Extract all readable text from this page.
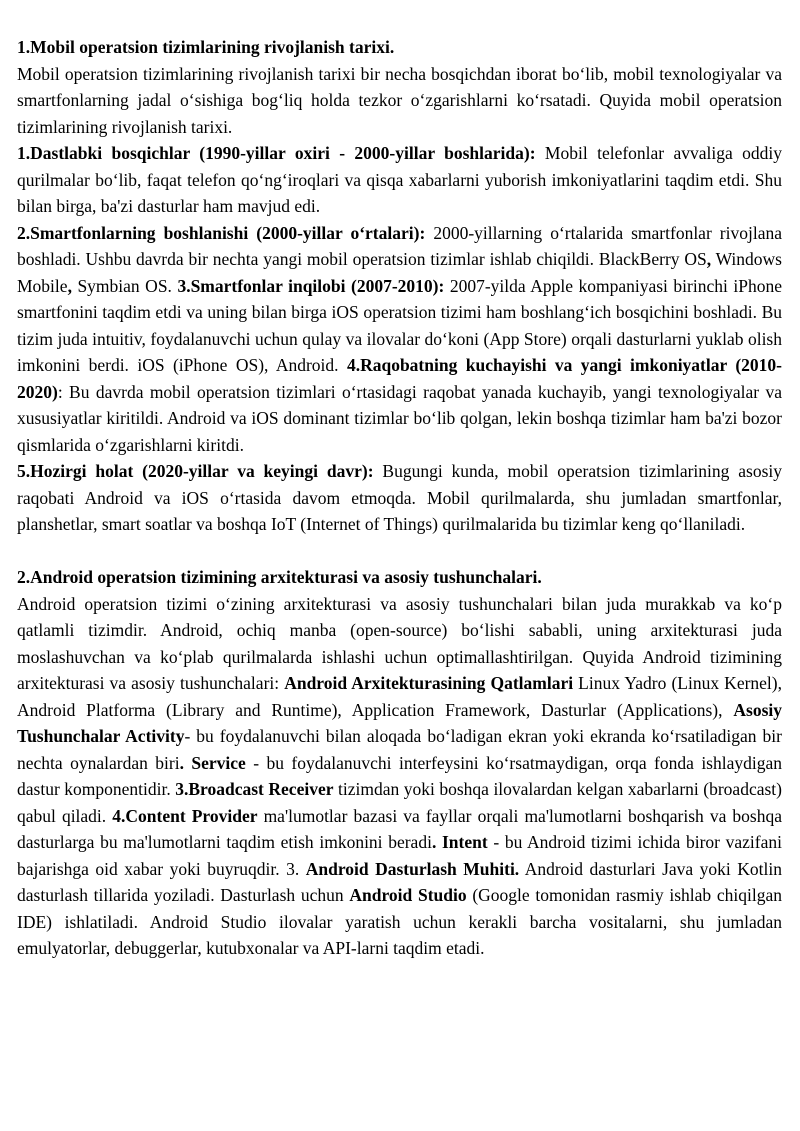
1.Mobil operatsion tizimlarining rivojlanish tarixi.

Mobil operatsion tizimlarining rivojlanish tarixi bir necha bosqichdan iborat bo‘lib, mobil texnologiyalar va smartfonlarning jadal o‘sishiga bog‘liq holda tezkor o‘zgarishlarni ko‘rsatadi. Quyida mobil operatsion tizimlarining rivojlanish tarixi.

1.Dastlabki bosqichlar (1990-yillar oxiri - 2000-yillar boshlarida): Mobil telefonlar avvaliga oddiy qurilmalar bo‘lib, faqat telefon qo‘ng‘iroqlari va qisqa xabarlarni yuborish imkoniyatlarini taqdim etdi. Shu bilan birga, ba'zi dasturlar ham mavjud edi.

2.Smartfonlarning boshlanishi (2000-yillar o‘rtalari): 2000-yillarning o‘rtalarida smartfonlar rivojlana boshladi. Ushbu davrda bir nechta yangi mobil operatsion tizimlar ishlab chiqildi. BlackBerry OS, Windows Mobile, Symbian OS. 3.Smartfonlar inqilobi (2007-2010): 2007-yilda Apple kompaniyasi birinchi iPhone smartfonini taqdim etdi va uning bilan birga iOS operatsion tizimi ham boshlang‘ich bosqichini boshladi. Bu tizim juda intuitiv, foydalanuvchi uchun qulay va ilovalar do‘koni (App Store) orqali dasturlarni yuklab olish imkonini berdi. iOS (iPhone OS), Android. 4.Raqobatning kuchayishi va yangi imkoniyatlar (2010-2020): Bu davrda mobil operatsion tizimlari o‘rtasidagi raqobat yanada kuchayib, yangi texnologiyalar va xususiyatlar kiritildi. Android va iOS dominant tizimlar bo‘lib qolgan, lekin boshqa tizimlar ham ba'zi bozor qismlarida o‘zgarishlarni kiritdi.

5.Hozirgi holat (2020-yillar va keyingi davr): Bugungi kunda, mobil operatsion tizimlarining asosiy raqobati Android va iOS o‘rtasida davom etmoqda. Mobil qurilmalarda, shu jumladan smartfonlar, planshetlar, smart soatlar va boshqa IoT (Internet of Things) qurilmalarida bu tizimlar keng qo‘llaniladi.

2.Android operatsion tizimining arxitekturasi va asosiy tushunchalari.

Android operatsion tizimi o‘zining arxitekturasi va asosiy tushunchalari bilan juda murakkab va ko‘p qatlamli tizimdir. Android, ochiq manba (open-source) bo‘lishi sababli, uning arxitekturasi juda moslashuvchan va ko‘plab qurilmalarda ishlashi uchun optimallashtirilgan. Quyida Android tizimining arxitekturasi va asosiy tushunchalari: Android Arxitekturasining Qatlamlari Linux Yadro (Linux Kernel), Android Platforma (Library and Runtime), Application Framework, Dasturlar (Applications), Asosiy Tushunchalar Activity- bu foydalanuvchi bilan aloqada bo‘ladigan ekran yoki ekranda ko‘rsatiladigan bir nechta oynalardan biri. Service - bu foydalanuvchi interfeysini ko‘rsatmaydigan, orqa fonda ishlaydigan dastur komponentidir. 3.Broadcast Receiver tizimdan yoki boshqa ilovalardan kelgan xabarlarni (broadcast) qabul qiladi. 4.Content Provider ma'lumotlar bazasi va fayllar orqali ma'lumotlarni boshqarish va boshqa dasturlarga bu ma'lumotlarni taqdim etish imkonini beradi. Intent - bu Android tizimi ichida biror vazifani bajarishga oid xabar yoki buyruqdir. 3. Android Dasturlash Muhiti. Android dasturlari Java yoki Kotlin dasturlash tillarida yoziladi. Dasturlash uchun Android Studio (Google tomonidan rasmiy ishlab chiqilgan IDE) ishlatiladi. Android Studio ilovalar yaratish uchun kerakli barcha vositalarni, shu jumladan emulyatorlar, debuggerlar, kutubxonalar va API-larni taqdim etadi.
